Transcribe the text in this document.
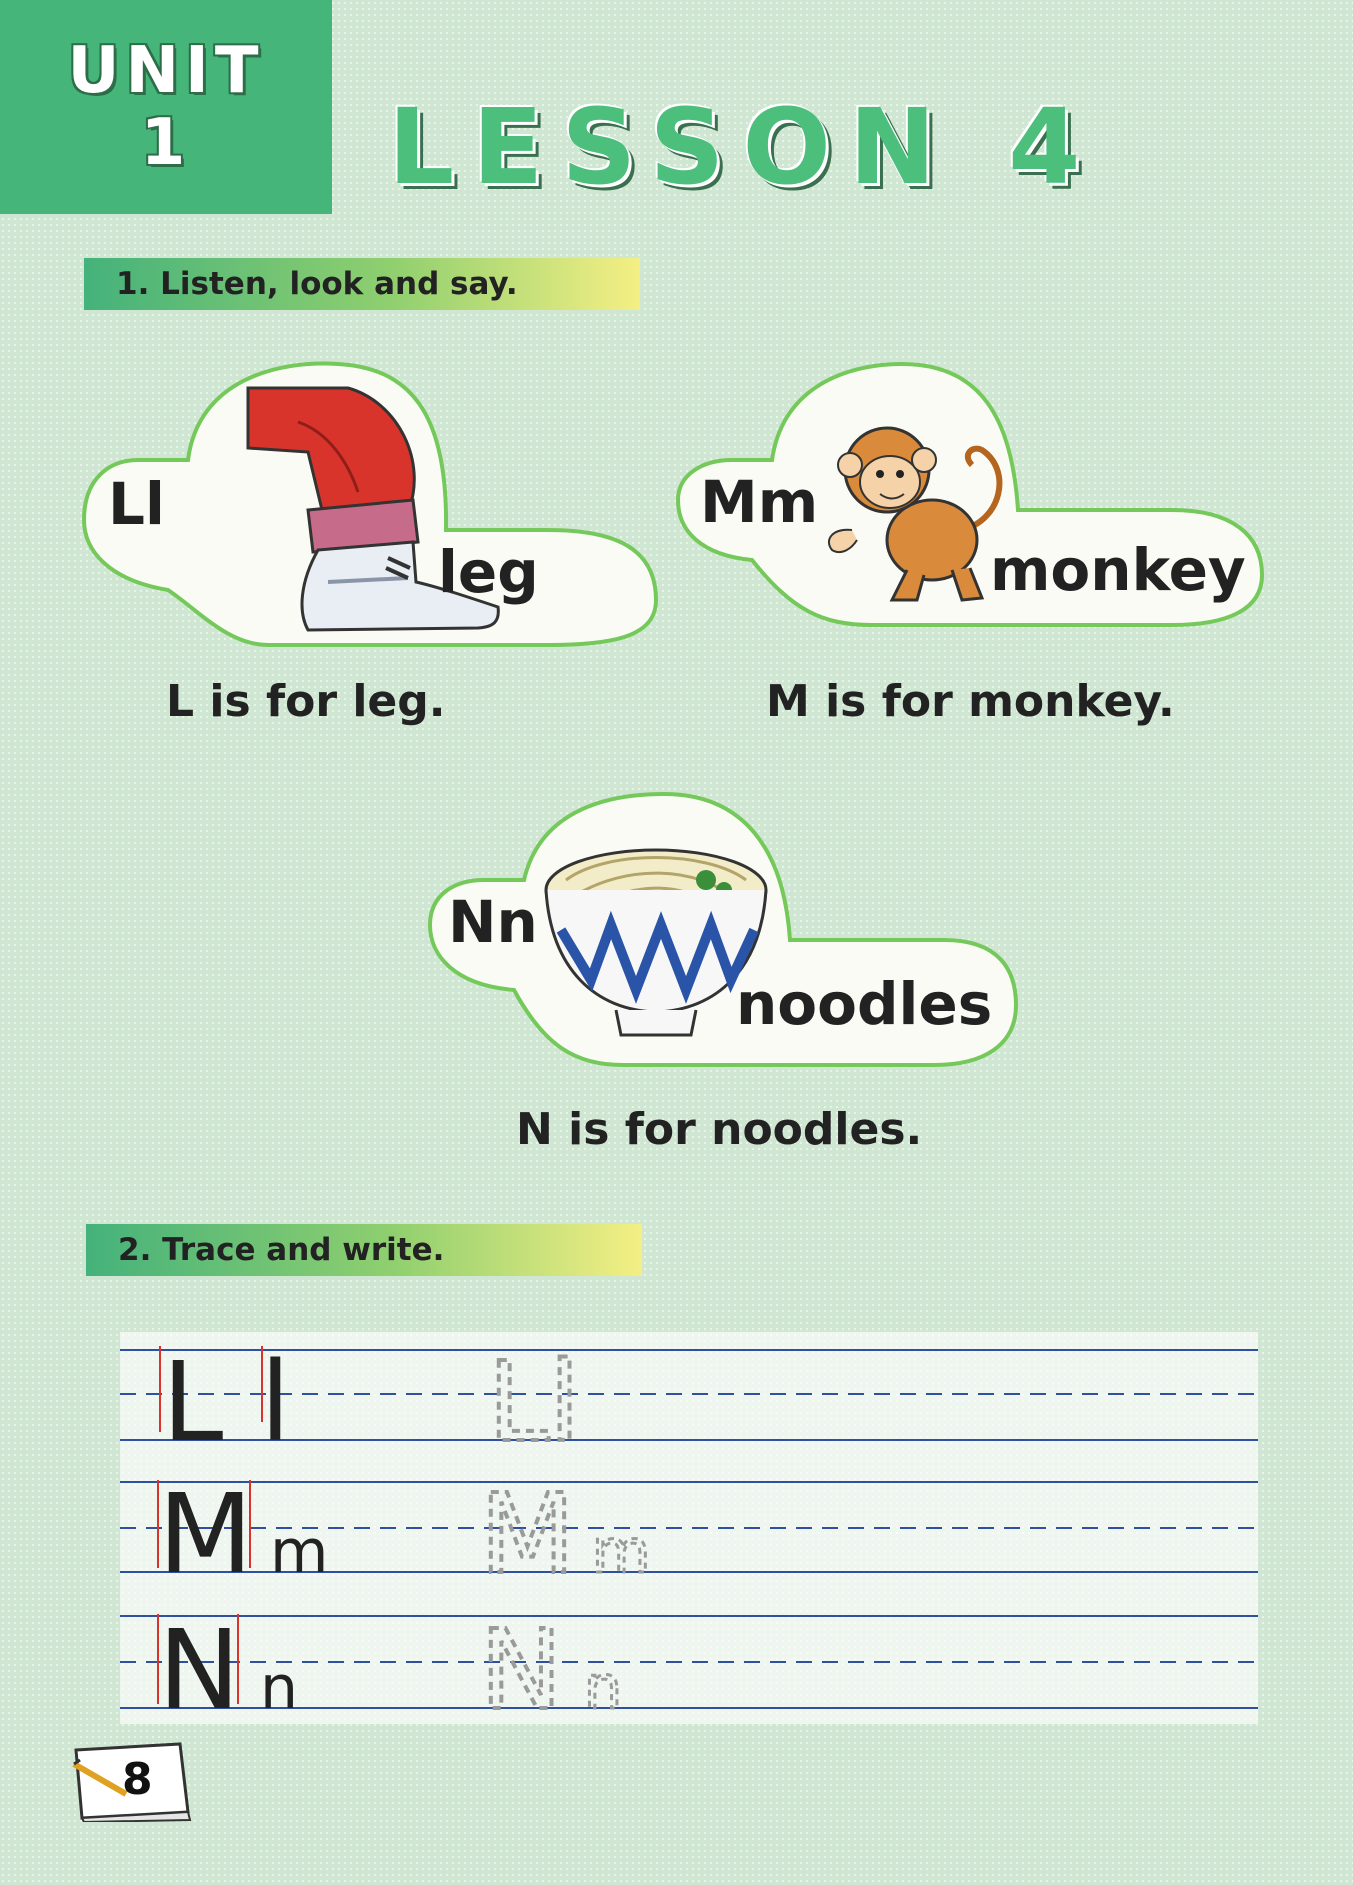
UNIT
1 LESSON 4
1. Listen, look and say.
Ll
leg
L is for leg.
Mm
monkey
M is for monkey.
Nn
noodles
N is for noodles.
2. Trace and write.
L l Ll
M m M m
N n N n
8
